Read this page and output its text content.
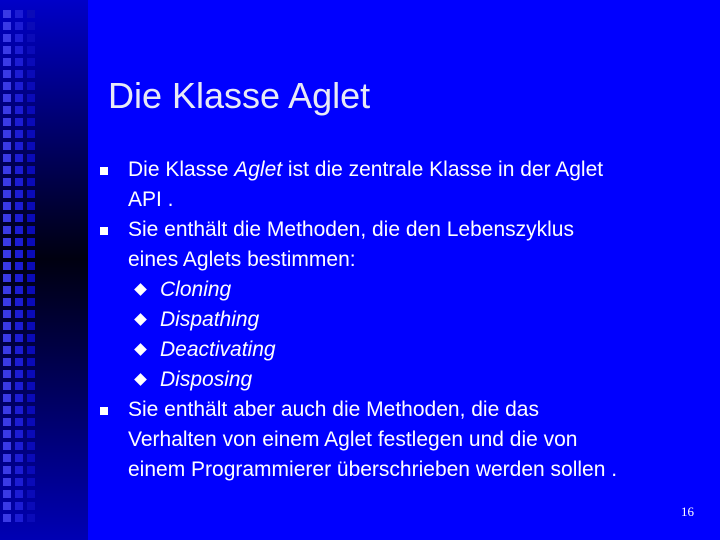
Die Klasse Aglet
Die Klasse Aglet ist die zentrale Klasse in der Aglet
API .
Sie enthält die Methoden, die den Lebenszyklus
eines Aglets bestimmen:
Cloning
Dispathing
Deactivating
Disposing
Sie enthält aber auch die Methoden, die das
Verhalten von einem Aglet festlegen und die von
einem Programmierer überschrieben werden sollen .
16
